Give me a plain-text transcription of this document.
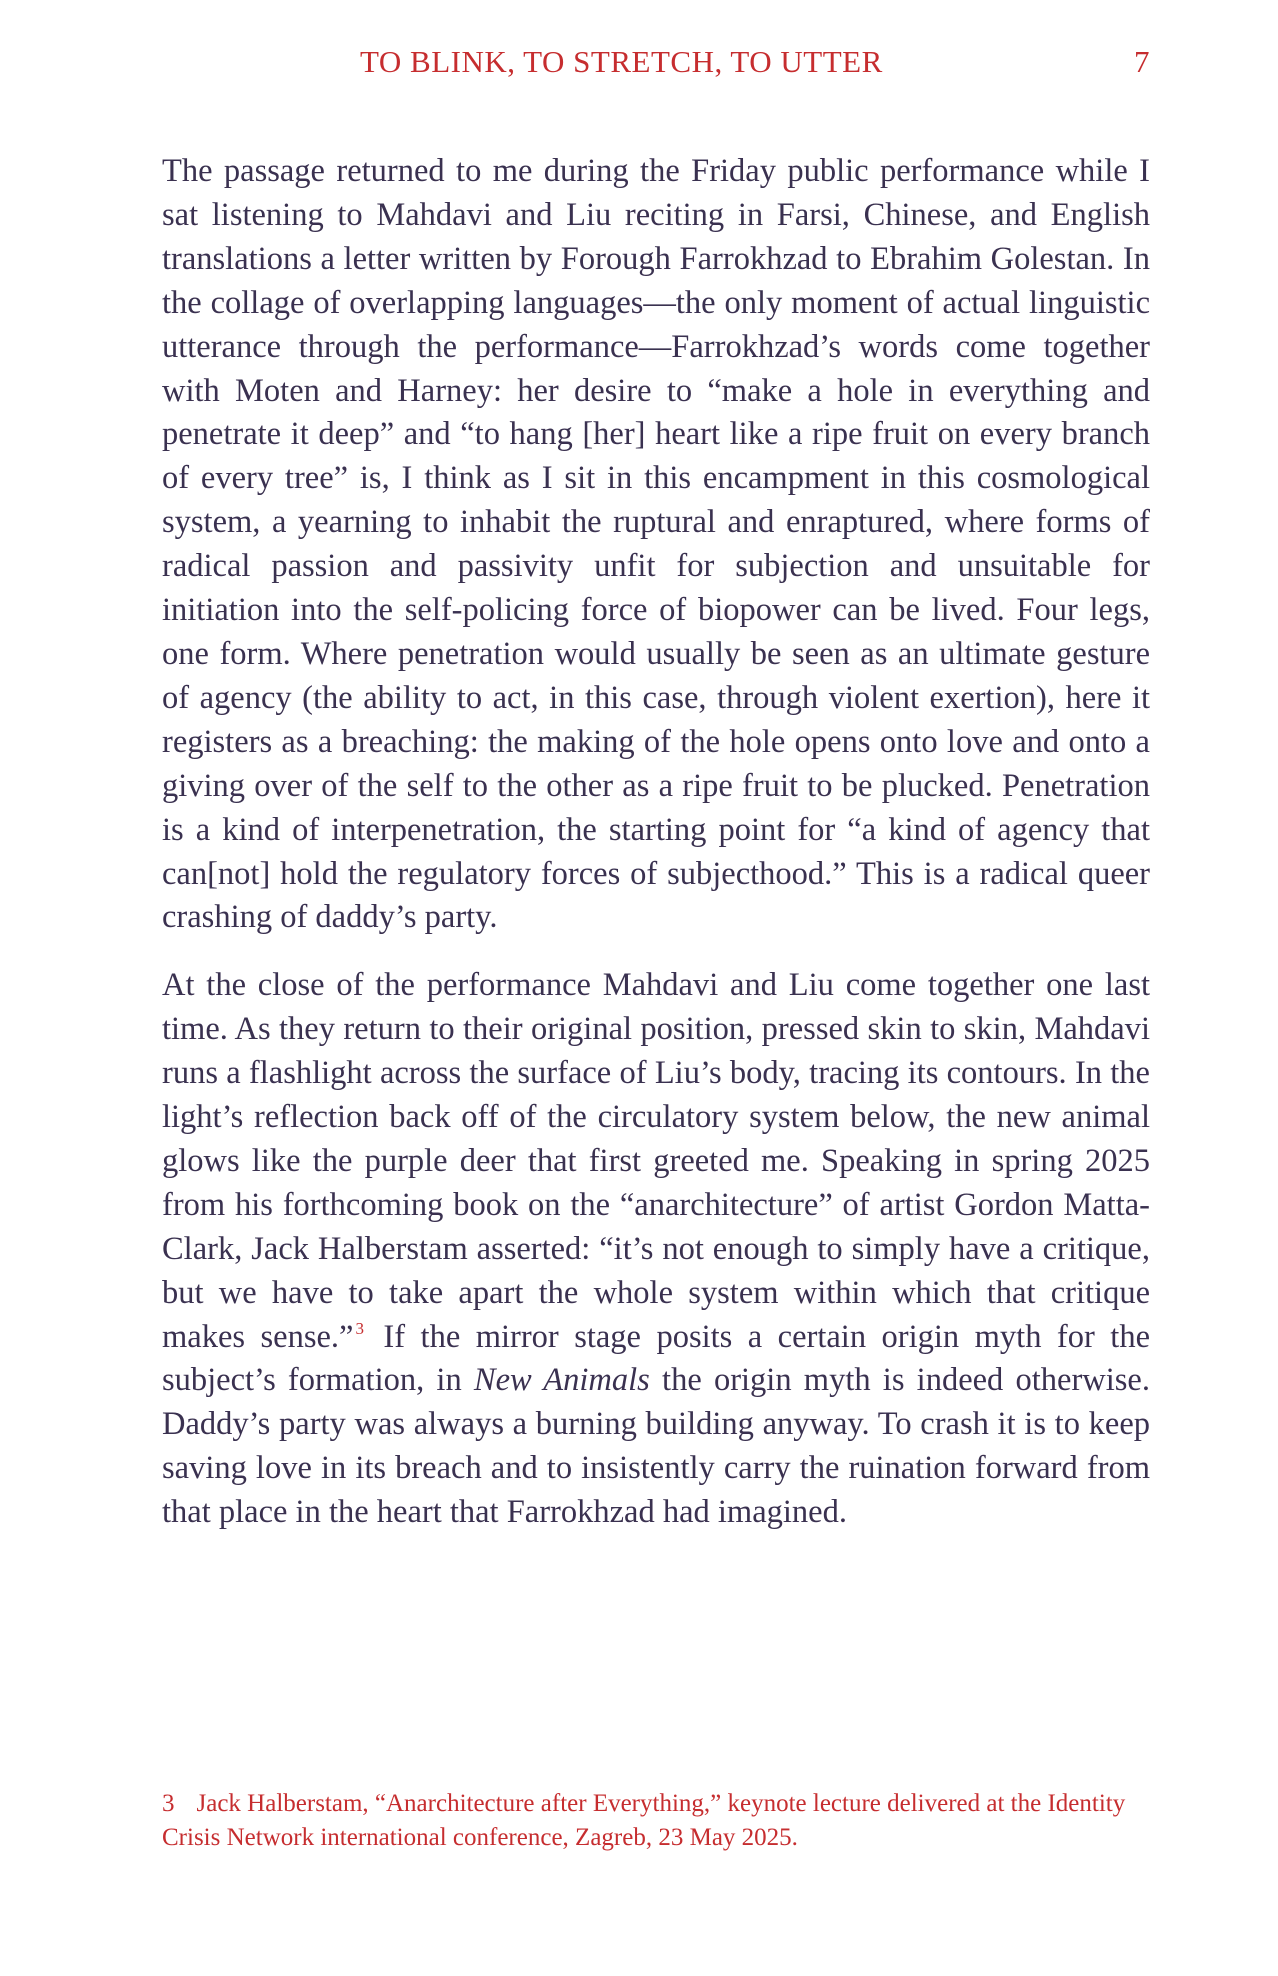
TO BLINK, TO STRETCH, TO UTTER	7

The passage returned to me during the Friday public performance while I sat listening to Mahdavi and Liu reciting in Farsi, Chinese, and English translations a letter written by Forough Farrokhzad to Ebrahim Golestan. In the collage of overlapping languages—the only moment of actual linguistic utterance through the performance—Farrokhzad’s words come together with Moten and Harney: her desire to “make a hole in everything and penetrate it deep” and “to hang [her] heart like a ripe fruit on every branch of every tree” is, I think as I sit in this encampment in this cosmological system, a yearning to inhabit the ruptural and enraptured, where forms of radical passion and passivity unfit for subjection and unsuitable for initiation into the self-policing force of biopower can be lived. Four legs, one form. Where penetration would usually be seen as an ultimate gesture of agency (the ability to act, in this case, through violent exertion), here it registers as a breaching: the making of the hole opens onto love and onto a giving over of the self to the other as a ripe fruit to be plucked. Penetration is a kind of interpenetration, the starting point for “a kind of agency that can[not] hold the regulatory forces of subjecthood.” This is a radical queer crashing of daddy’s party.

At the close of the performance Mahdavi and Liu come together one last time. As they return to their original position, pressed skin to skin, Mahdavi runs a flashlight across the surface of Liu’s body, tracing its contours. In the light’s reflection back off of the circulatory system below, the new animal glows like the purple deer that first greeted me. Speaking in spring 2025 from his forthcoming book on the “anarchitecture” of artist Gordon Matta-Clark, Jack Halberstam asserted: “it’s not enough to simply have a critique, but we have to take apart the whole system within which that critique makes sense.” $^3$ If the mirror stage posits a certain origin myth for the subject’s formation, in New Animals the origin myth is indeed otherwise. Daddy’s party was always a burning building anyway. To crash it is to keep saving love in its breach and to insistently carry the ruination forward from that place in the heart that Farrokhzad had imagined.

3 Jack Halberstam, “Anarchitecture after Everything,” keynote lecture delivered at the Identity Crisis Network international conference, Zagreb, 23 May 2025.
